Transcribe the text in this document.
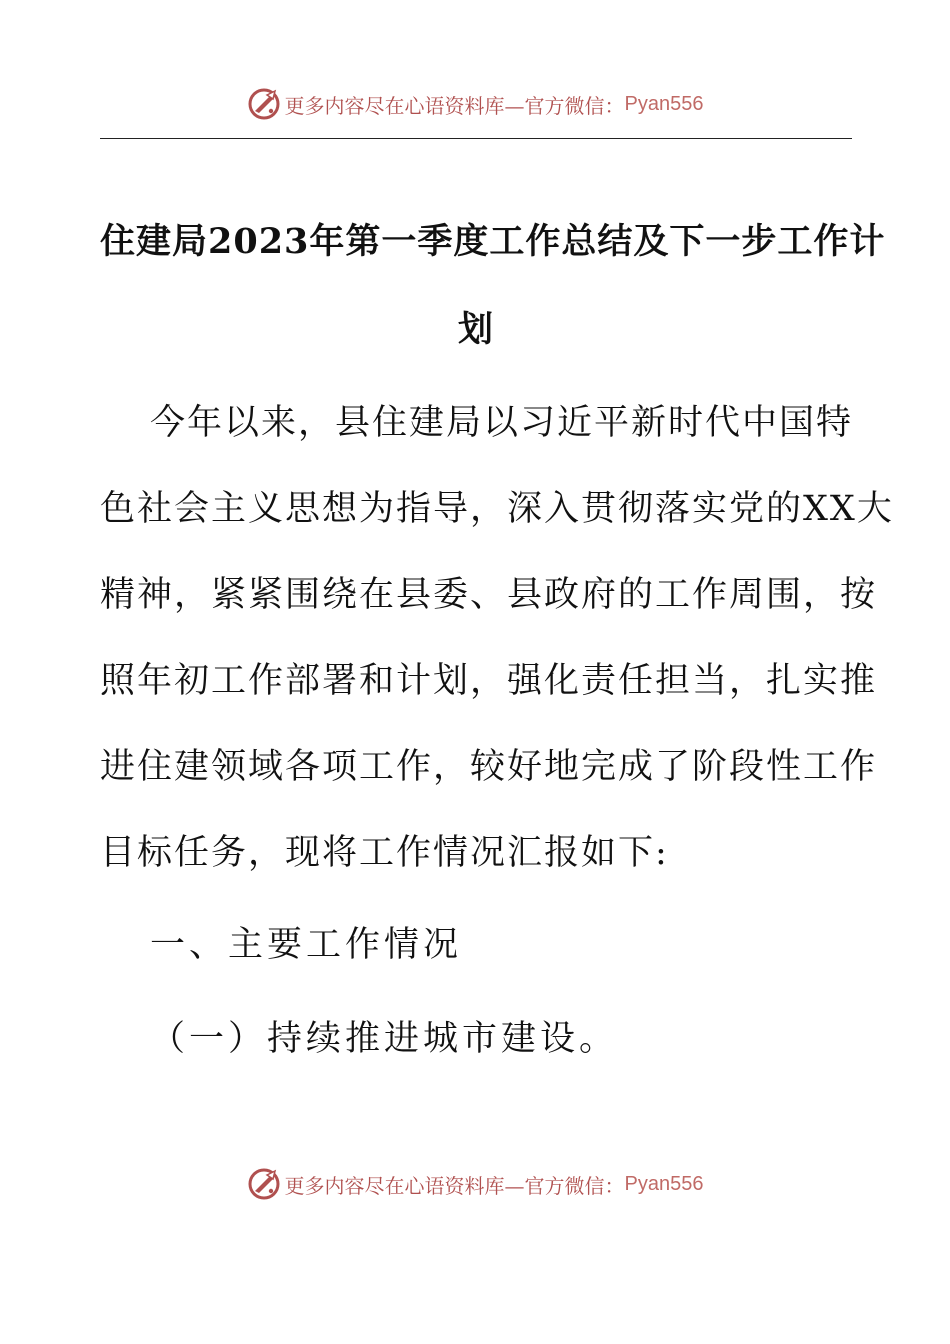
更多内容尽在心语资料库—官方微信： Pyan556
住建局2023年第一季度工作总结及下一步工作计
划
今年以来，县住建局以习近平新时代中国特
色社会主义思想为指导，深入贯彻落实党的XX大
精神，紧紧围绕在县委、县政府的工作周围，按
照年初工作部署和计划，强化责任担当，扎实推
进住建领域各项工作，较好地完成了阶段性工作
目标任务，现将工作情况汇报如下:
一、主要工作情况
（一）持续推进城市建设。
更多内容尽在心语资料库—官方微信： Pyan556
